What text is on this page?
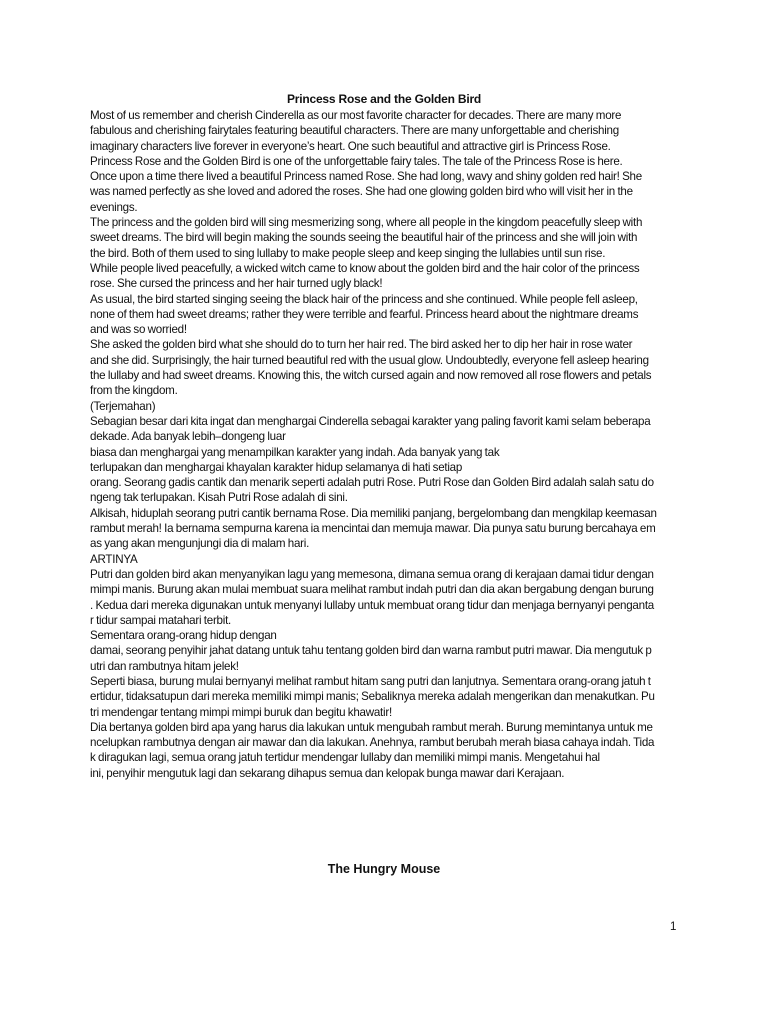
Princess Rose and the Golden Bird
Most of us remember and cherish Cinderella as our most favorite character for decades. There are many more
fabulous and cherishing fairytales featuring beautiful characters. There are many unforgettable and cherishing
imaginary characters live forever in everyone’s heart. One such beautiful and attractive girl is Princess Rose.
Princess Rose and the Golden Bird is one of the unforgettable fairy tales. The tale of the Princess Rose is here.
Once upon a time there lived a beautiful Princess named Rose. She had long, wavy and shiny golden red hair! She
was named perfectly as she loved and adored the roses. She had one glowing golden bird who will visit her in the
evenings.
The princess and the golden bird will sing mesmerizing song, where all people in the kingdom peacefully sleep with
sweet dreams. The bird will begin making the sounds seeing the beautiful hair of the princess and she will join with
the bird. Both of them used to sing lullaby to make people sleep and keep singing the lullabies until sun rise.
While people lived peacefully, a wicked witch came to know about the golden bird and the hair color of the princess
rose. She cursed the princess and her hair turned ugly black!
As usual, the bird started singing seeing the black hair of the princess and she continued. While people fell asleep,
none of them had sweet dreams; rather they were terrible and fearful. Princess heard about the nightmare dreams
and was so worried!
She asked the golden bird what she should do to turn her hair red. The bird asked her to dip her hair in rose water
and she did. Surprisingly, the hair turned beautiful red with the usual glow. Undoubtedly, everyone fell asleep hearing
the lullaby and had sweet dreams. Knowing this, the witch cursed again and now removed all rose flowers and petals
from the kingdom.
(Terjemahan)
Sebagian besar dari kita ingat dan menghargai Cinderella sebagai karakter yang paling favorit kami selam beberapa
dekade. Ada banyak lebih–dongeng luar
biasa dan menghargai yang menampilkan karakter yang indah. Ada banyak yang tak
terlupakan dan menghargai khayalan karakter hidup selamanya di hati setiap
orang. Seorang gadis cantik dan menarik seperti adalah putri Rose. Putri Rose dan Golden Bird adalah salah satu do
ngeng tak terlupakan. Kisah Putri Rose adalah di sini.
Alkisah, hiduplah seorang putri cantik bernama Rose. Dia memiliki panjang, bergelombang dan mengkilap keemasan
rambut merah! Ia bernama sempurna karena ia mencintai dan memuja mawar. Dia punya satu burung bercahaya em
as yang akan mengunjungi dia di malam hari.
ARTINYA
Putri dan golden bird akan menyanyikan lagu yang memesona, dimana semua orang di kerajaan damai tidur dengan
mimpi manis. Burung akan mulai membuat suara melihat rambut indah putri dan dia akan bergabung dengan burung
. Kedua dari mereka digunakan untuk menyanyi lullaby untuk membuat orang tidur dan menjaga bernyanyi penganta
r tidur sampai matahari terbit.
Sementara orang-orang hidup dengan
damai, seorang penyihir jahat datang untuk tahu tentang golden bird dan warna rambut putri mawar. Dia mengutuk p
utri dan rambutnya hitam jelek!
Seperti biasa, burung mulai bernyanyi melihat rambut hitam sang putri dan lanjutnya. Sementara orang-orang jatuh t
ertidur, tidaksatupun dari mereka memiliki mimpi manis; Sebaliknya mereka adalah mengerikan dan menakutkan. Pu
tri mendengar tentang mimpi mimpi buruk dan begitu khawatir!
Dia bertanya golden bird apa yang harus dia lakukan untuk mengubah rambut merah. Burung memintanya untuk me
ncelupkan rambutnya dengan air mawar dan dia lakukan. Anehnya, rambut berubah merah biasa cahaya indah. Tida
k diragukan lagi, semua orang jatuh tertidur mendengar lullaby dan memiliki mimpi manis. Mengetahui hal
ini, penyihir mengutuk lagi dan sekarang dihapus semua dan kelopak bunga mawar dari Kerajaan.
The Hungry Mouse
1
